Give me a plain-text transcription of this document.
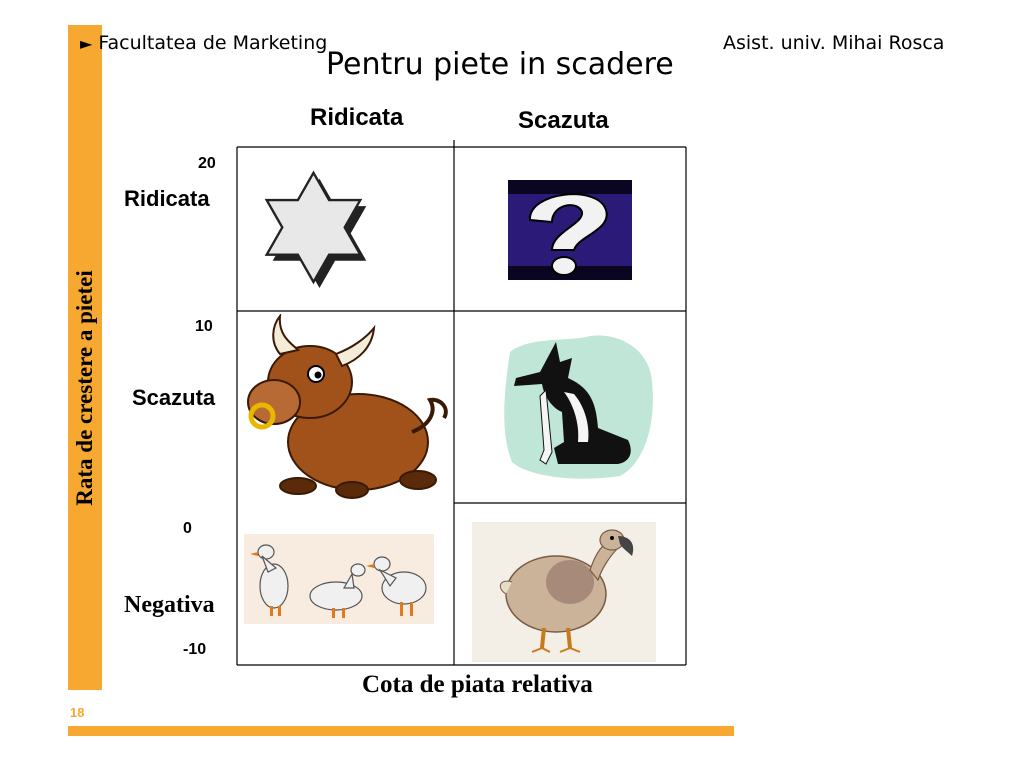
18
► Facultatea de Marketing	Asist. univ. Mihai Rosca
Pentru piete in scadere
Ridicata	Scazuta
Ridicata
Scazuta
Negativa
20
10
0
-10
Rata de crestere a pietei
Cota de piata relativa
